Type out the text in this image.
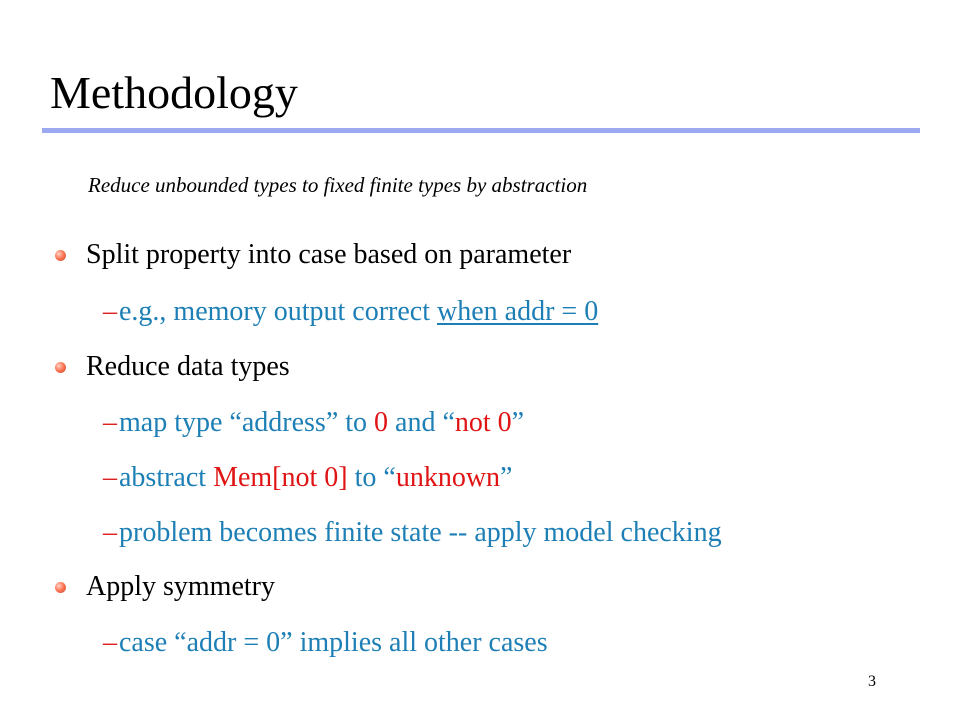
Methodology
Reduce unbounded types to fixed finite types by abstraction
Split property into case based on parameter
–e.g., memory output correct when addr = 0
Reduce data types
–map type “address” to 0 and “not 0”
–abstract Mem[not 0] to “unknown”
–problem becomes finite state -- apply model checking
Apply symmetry
–case “addr = 0” implies all other cases
3
